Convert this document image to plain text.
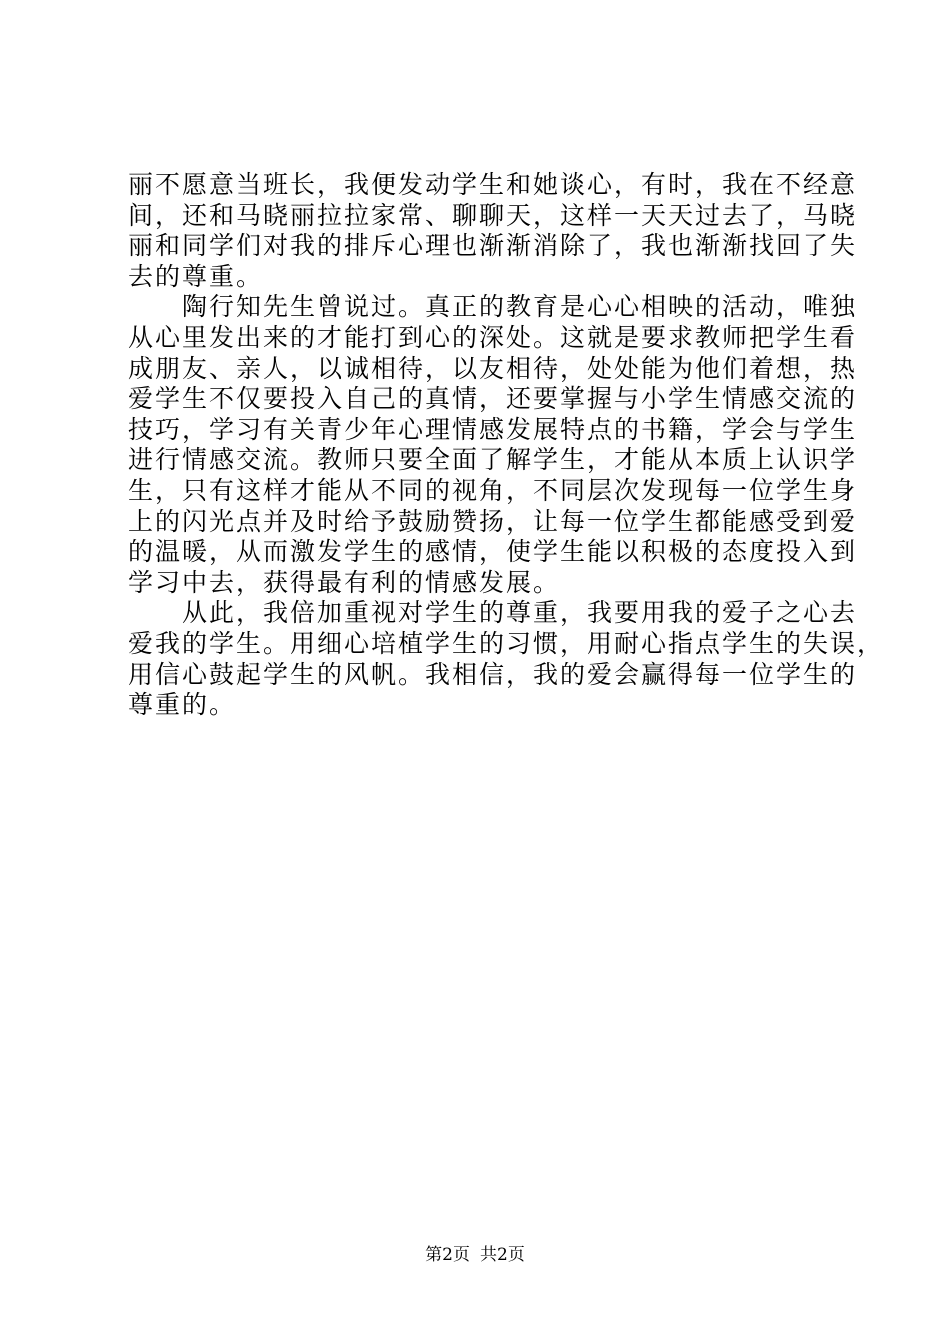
丽不愿意当班长，我便发动学生和她谈心，有时，我在不经意
间，还和马晓丽拉拉家常、聊聊天，这样一天天过去了，马晓
丽和同学们对我的排斥心理也渐渐消除了，我也渐渐找回了失
去的尊重。

　　陶行知先生曾说过。真正的教育是心心相映的活动，唯独
从心里发出来的才能打到心的深处。这就是要求教师把学生看
成朋友、亲人，以诚相待，以友相待，处处能为他们着想，热
爱学生不仅要投入自己的真情，还要掌握与小学生情感交流的
技巧，学习有关青少年心理情感发展特点的书籍，学会与学生
进行情感交流。教师只要全面了解学生，才能从本质上认识学
生，只有这样才能从不同的视角，不同层次发现每一位学生身
上的闪光点并及时给予鼓励赞扬，让每一位学生都能感受到爱
的温暖，从而激发学生的感情，使学生能以积极的态度投入到
学习中去，获得最有利的情感发展。

　　从此，我倍加重视对学生的尊重，我要用我的爱子之心去
爱我的学生。用细心培植学生的习惯，用耐心指点学生的失误，
用信心鼓起学生的风帆。我相信，我的爱会赢得每一位学生的
尊重的。

第2页 共2页
